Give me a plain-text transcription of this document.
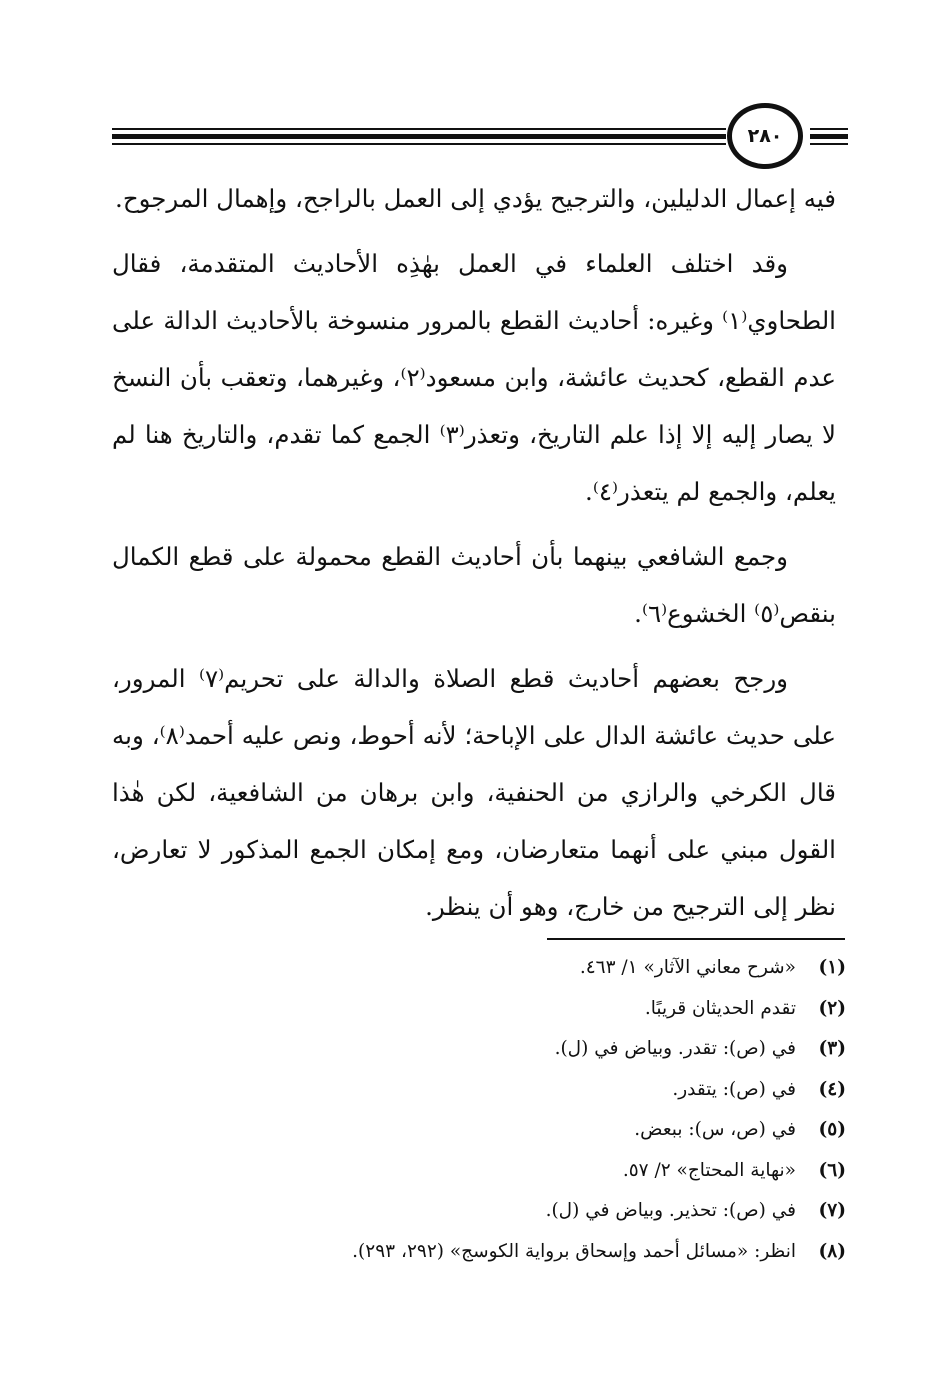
٢٨٠

فيه إعمال الدليلين، والترجيح يؤدي إلى العمل بالراجح، وإهمال المرجوح.

وقد اختلف العلماء في العمل بهٰذِه الأحاديث المتقدمة، فقال الطحاوي⁽١⁾ وغيره: أحاديث القطع بالمرور منسوخة بالأحاديث الدالة على عدم القطع، كحديث عائشة، وابن مسعود⁽٢⁾، وغيرهما، وتعقب بأن النسخ لا يصار إليه إلا إذا علم التاريخ، وتعذر⁽٣⁾ الجمع كما تقدم، والتاريخ هنا لم يعلم، والجمع لم يتعذر⁽٤⁾.

وجمع الشافعي بينهما بأن أحاديث القطع محمولة على قطع الكمال بنقص⁽٥⁾ الخشوع⁽٦⁾.

ورجح بعضهم أحاديث قطع الصلاة والدالة على تحريم⁽٧⁾ المرور، على حديث عائشة الدال على الإباحة؛ لأنه أحوط، ونص عليه أحمد⁽٨⁾، وبه قال الكرخي والرازي من الحنفية، وابن برهان من الشافعية، لكن هٰذا القول مبني على أنهما متعارضان، ومع إمكان الجمع المذكور لا تعارض، نظر إلى الترجيح من خارج، وهو أن ينظر.

(١)
«شرح معاني الآثار» ١/ ٤٦٣.
(٢)
تقدم الحديثان قريبًا.
(٣)
في (ص): تقدر. وبياض في (ل).
(٤)
في (ص): يتقدر.
(٥)
في (ص، س): ببعض.
(٦)
«نهاية المحتاج» ٢/ ٥٧.
(٧)
في (ص): تحذير. وبياض في (ل).
(٨)
انظر: «مسائل أحمد وإسحاق برواية الكوسج» (٢٩٢، ٢٩٣).
